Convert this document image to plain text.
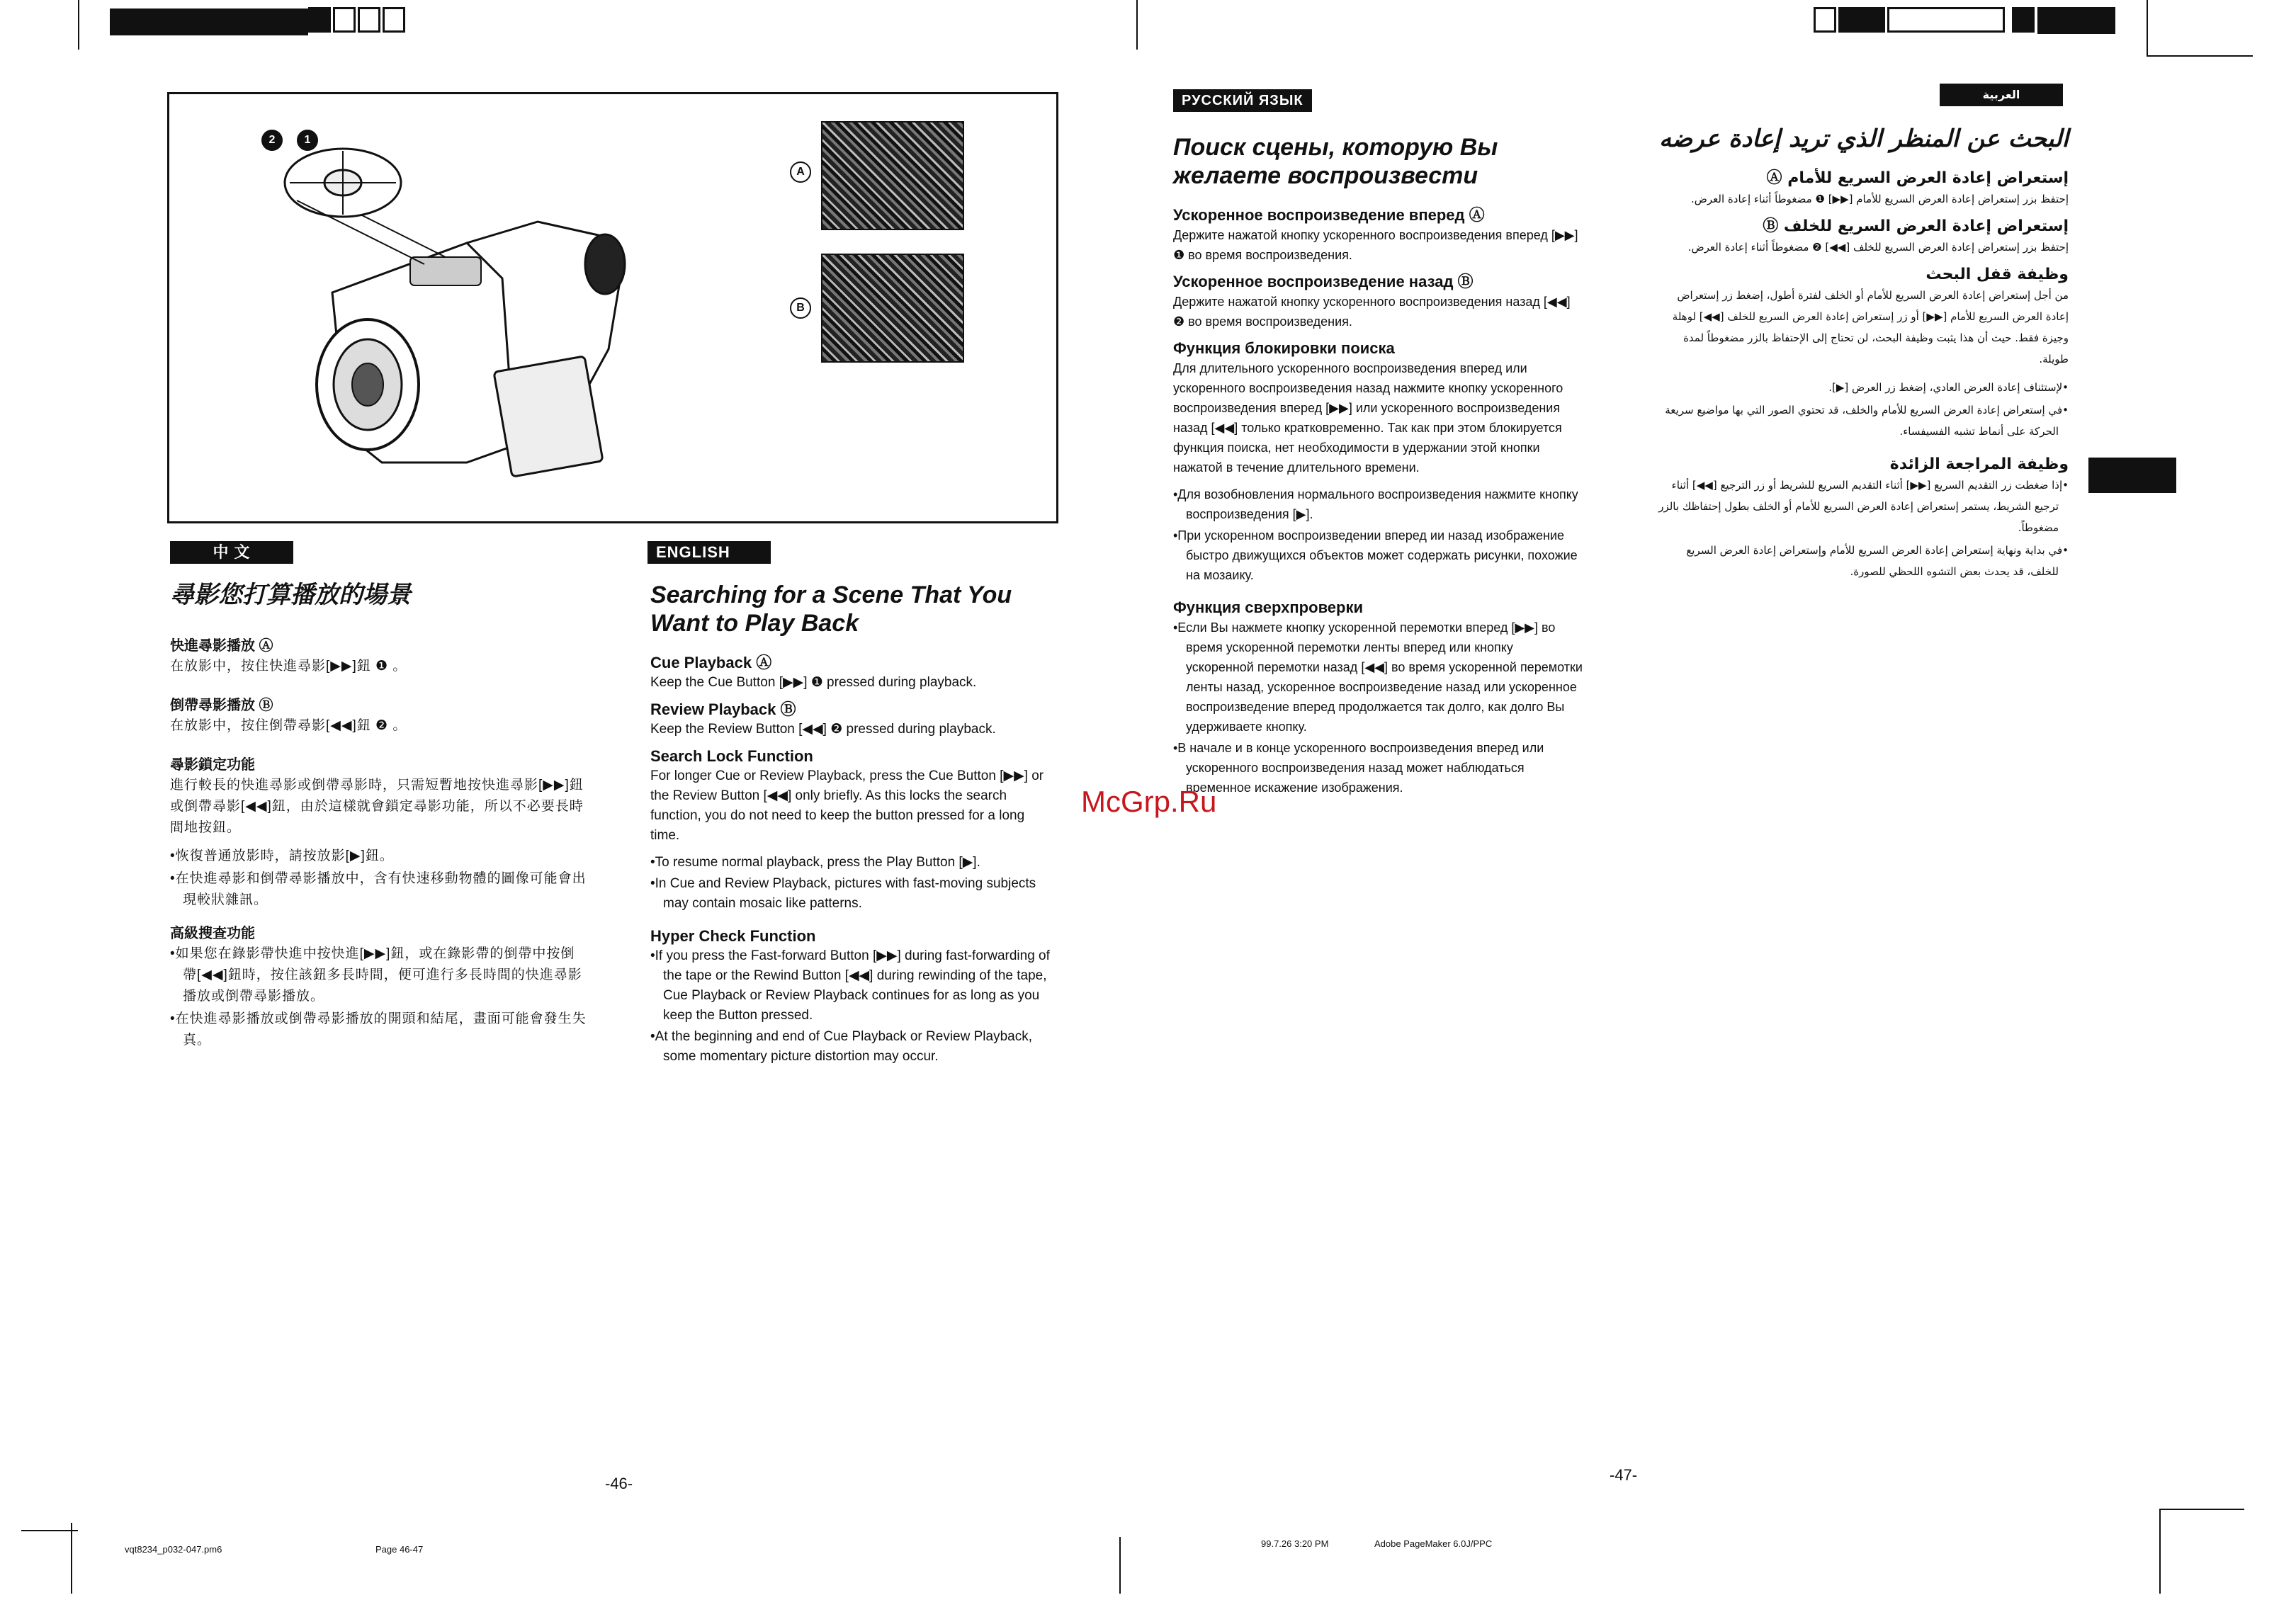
2	1
A
B
中 文
尋影您打算播放的場景
快進尋影播放 Ⓐ
在放影中，按住快進尋影[▶▶]鈕 ❶ 。
倒帶尋影播放 Ⓑ
在放影中，按住倒帶尋影[◀◀]鈕 ❷ 。
尋影鎖定功能
進行較長的快進尋影或倒帶尋影時，只需短暫地按快進尋影[▶▶]鈕或倒帶尋影[◀◀]鈕，由於這樣就會鎖定尋影功能，所以不必要長時間地按鈕。
•恢復普通放影時，請按放影[▶]鈕。
•在快進尋影和倒帶尋影播放中，含有快速移動物體的圖像可能會出現較狀雜訊。
高級搜查功能
•如果您在錄影帶快進中按快進[▶▶]鈕，或在錄影帶的倒帶中按倒帶[◀◀]鈕時，按住該鈕多長時間，便可進行多長時間的快進尋影播放或倒帶尋影播放。
•在快進尋影播放或倒帶尋影播放的開頭和結尾，畫面可能會發生失真。
ENGLISH
Searching for a Scene That You Want to Play Back
Cue Playback Ⓐ
Keep the Cue Button [▶▶] ❶ pressed during playback.
Review Playback Ⓑ
Keep the Review Button [◀◀] ❷ pressed during playback.
Search Lock Function
For longer Cue or Review Playback, press the Cue Button [▶▶] or the Review Button [◀◀] only briefly. As this locks the search function, you do not need to keep the button pressed for a long time.
•To resume normal playback, press the Play Button [▶].
•In Cue and Review Playback, pictures with fast-moving subjects may contain mosaic like patterns.
Hyper Check Function
•If you press the Fast-forward Button [▶▶] during fast-forwarding of the tape or the Rewind Button [◀◀] during rewinding of the tape, Cue Playback or Review Playback continues for as long as you keep the Button pressed.
•At the beginning and end of Cue Playback or Review Playback, some momentary picture distortion may occur.
РУССКИЙ ЯЗЫК
Поиск сцены, которую Вы желаете воспроизвести
Ускоренное воспроизведение вперед Ⓐ
Держите нажатой кнопку ускоренного воспроизведения вперед [▶▶] ❶ во время воспроизведения.
Ускоренное воспроизведение назад Ⓑ
Держите нажатой кнопку ускоренного воспроизведения назад [◀◀] ❷ во время воспроизведения.
Функция блокировки поиска
Для длительного ускоренного воспроизведения вперед или ускоренного воспроизведения назад нажмите кнопку ускоренного воспроизведения вперед [▶▶] или ускоренного воспроизведения назад [◀◀] только кратковременно. Так как при этом блокируется функция поиска, нет необходимости в удержании этой кнопки нажатой в течение длительного времени.
•Для возобновления нормального воспроизведения нажмите кнопку воспроизведения [▶].
•При ускоренном воспроизведении вперед ии назад изображение быстро движущихся объектов может содержать рисунки, похожие на мозаику.
Функция сверхпроверки
•Если Вы нажмете кнопку ускоренной перемотки вперед [▶▶] во время ускоренной перемотки ленты вперед или кнопку ускоренной перемотки назад [◀◀] во время ускоренной перемотки ленты назад, ускоренное воспроизведение назад или ускоренное воспроизведение вперед продолжается так долго, как долго Вы удерживаете кнопку.
•В начале и в конце ускоренного воспроизведения вперед или ускоренного воспроизведения назад может наблюдаться временное искажение изображения.
العربية
البحث عن المنظر الذي تريد إعادة عرضه
إستعراض إعادة العرض السريع للأمام Ⓐ
إحتفظ بزر إستعراض إعادة العرض السريع للأمام [▶▶] ❶ مضغوطاً أثناء إعادة العرض.
إستعراض إعادة العرض السريع للخلف Ⓑ
إحتفظ بزر إستعراض إعادة العرض السريع للخلف [◀◀] ❷ مضغوطاً أثناء إعادة العرض.
وظيفة قفل البحث
من أجل إستعراض إعادة العرض السريع للأمام أو الخلف لفترة أطول، إضغط زر إستعراض إعادة العرض السريع للأمام [▶▶] أو زر إستعراض إعادة العرض السريع للخلف [◀◀] لوهلة وجيزة فقط. حيث أن هذا يثبت وظيفة البحث، لن تحتاج إلى الإحتفاظ بالزر مضغوطاً لمدة طويلة.
•لإستئناف إعادة العرض العادي، إضغط زر العرض [▶].
•في إستعراض إعادة العرض السريع للأمام والخلف، قد تحتوي الصور التي بها مواضيع سريعة الحركة على أنماط تشبه الفسيفساء.
وظيفة المراجعة الزائدة
•إذا ضغطت زر التقديم السريع [▶▶] أثناء التقديم السريع للشريط أو زر الترجيع [◀◀] أثناء ترجيع الشريط، يستمر إستعراض إعادة العرض السريع للأمام أو الخلف بطول إحتفاظك بالزر مضغوطاً.
•في بداية ونهاية إستعراض إعادة العرض السريع للأمام وإستعراض إعادة العرض السريع للخلف، قد يحدث بعض التشوه اللحظي للصورة.
McGrp.Ru
-46-	-47-
vqt8234_p032-047.pm6	Page 46-47
99.7.26 3:20 PM	Adobe PageMaker 6.0J/PPC
